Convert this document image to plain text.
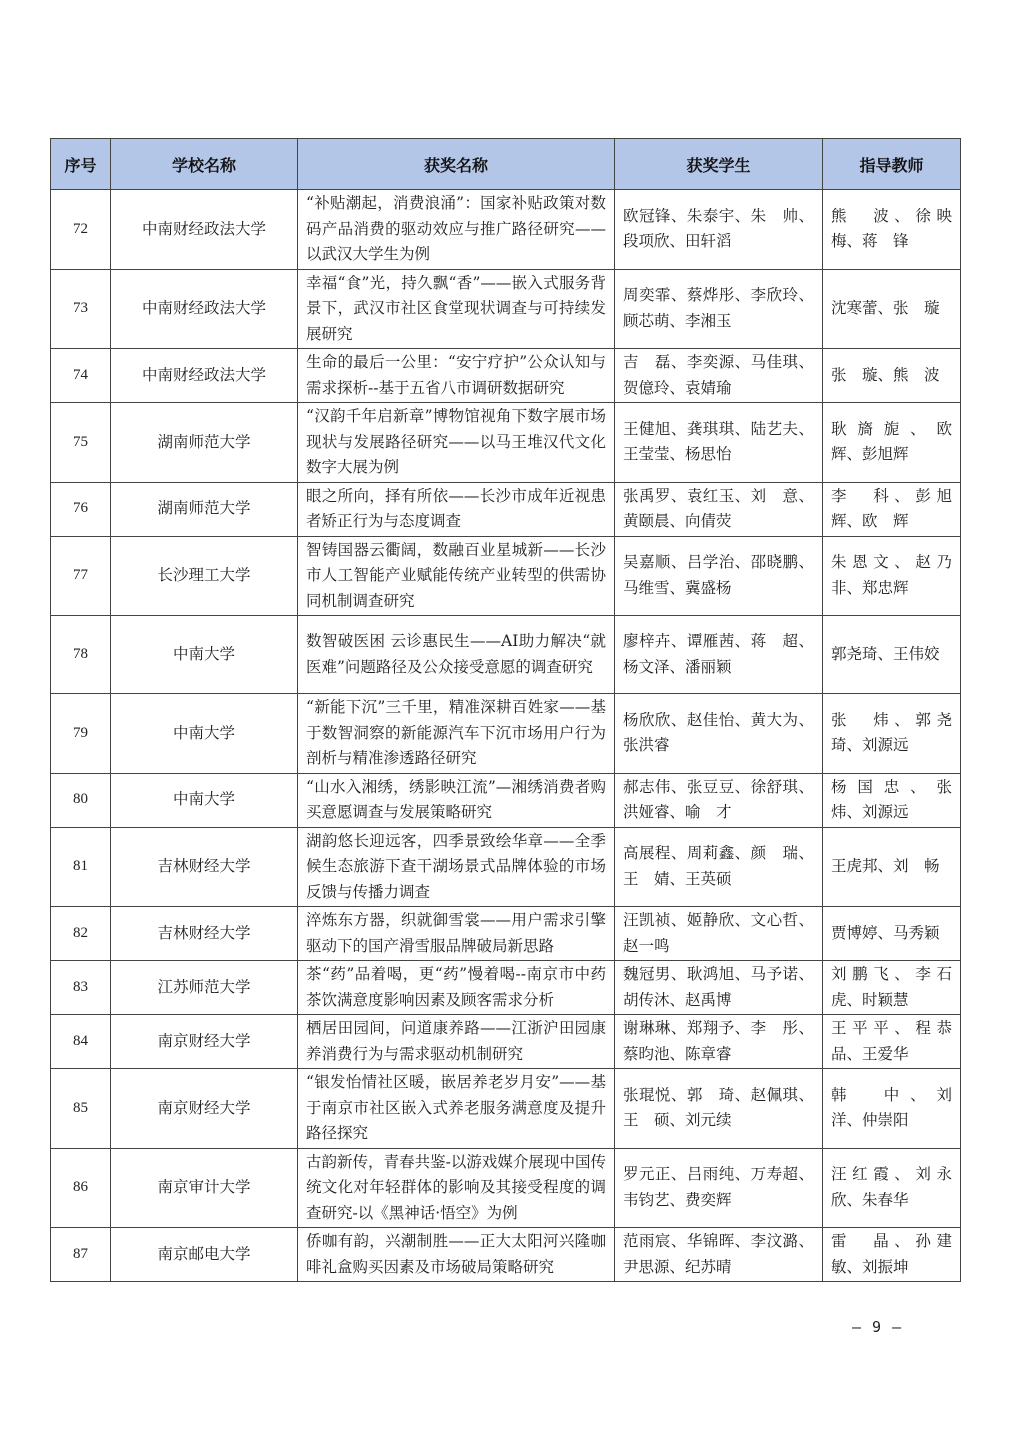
序号	学校名称	获奖名称	获奖学生	指导教师
72	中南财经政法大学	“补贴潮起，消费浪涌”：国家补贴政策对数码产品消费的驱动效应与推广路径研究——以武汉大学生为例	欧冠锋、朱泰宇、朱　帅、段项欣、田轩滔	熊　波、徐映梅、蒋　锋
73	中南财经政法大学	幸福“食”光，持久飘“香”——嵌入式服务背景下，武汉市社区食堂现状调查与可持续发展研究	周奕霏、蔡烨彤、李欣玲、顾芯萌、李湘玉	沈寒蕾、张　璇
74	中南财经政法大学	生命的最后一公里：“安宁疗护”公众认知与需求探析--基于五省八市调研数据研究	吉　磊、李奕源、马佳琪、贺億玲、袁婧瑜	张　璇、熊　波
75	湖南师范大学	“汉韵千年启新章”博物馆视角下数字展市场现状与发展路径研究——以马王堆汉代文化数字大展为例	王健旭、龚琪琪、陆艺夫、王莹莹、杨思怡	耿旖旎、欧　辉、彭旭辉
76	湖南师范大学	眼之所向，择有所依——长沙市成年近视患者矫正行为与态度调查	张禹罗、袁红玉、刘　意、黄颐晨、向倩荧	李　科、彭旭辉、欧　辉
77	长沙理工大学	智铸国器云衢阔，数融百业星城新——长沙市人工智能产业赋能传统产业转型的供需协同机制调查研究	吴嘉顺、吕学治、邵晓鹏、马维雪、冀盛杨	朱恩文、赵乃非、郑忠辉
78	中南大学	数智破医困 云诊惠民生——AI助力解决“就医难”问题路径及公众接受意愿的调查研究	廖梓卉、谭雁茜、蒋　超、杨文泽、潘丽颖	郭尧琦、王伟姣
79	中南大学	“新能下沉”三千里，精准深耕百姓家——基于数智洞察的新能源汽车下沉市场用户行为剖析与精准渗透路径研究	杨欣欣、赵佳怡、黄大为、张洪睿	张　炜、郭尧琦、刘源远
80	中南大学	“山水入湘绣，绣影映江流”—湘绣消费者购买意愿调查与发展策略研究	郝志伟、张豆豆、徐舒琪、洪娅睿、喻　才	杨国忠、张　炜、刘源远
81	吉林财经大学	湖韵悠长迎远客，四季景致绘华章——全季候生态旅游下查干湖场景式品牌体验的市场反馈与传播力调查	高展程、周莉鑫、颜　瑞、王　婧、王英硕	王虎邦、刘　畅
82	吉林财经大学	淬炼东方器，织就御雪裳——用户需求引擎驱动下的国产滑雪服品牌破局新思路	汪凯祯、姬静欣、文心哲、赵一鸣	贾博婷、马秀颖
83	江苏师范大学	茶“药”品着喝，更“药”慢着喝--南京市中药茶饮满意度影响因素及顾客需求分析	魏冠男、耿鸿旭、马予诺、胡传沐、赵禹博	刘鹏飞、李石虎、时颖慧
84	南京财经大学	栖居田园间，问道康养路——江浙沪田园康养消费行为与需求驱动机制研究	谢琳琳、郑翔予、李　彤、蔡昀池、陈章睿	王平平、程恭品、王爱华
85	南京财经大学	“银发怡情社区暖，嵌居养老岁月安”——基于南京市社区嵌入式养老服务满意度及提升路径探究	张琨悦、郭　琦、赵佩琪、王　硕、刘元续	韩　中、刘　洋、仲崇阳
86	南京审计大学	古韵新传，青春共鉴-以游戏媒介展现中国传统文化对年轻群体的影响及其接受程度的调查研究-以《黑神话·悟空》为例	罗元正、吕雨纯、万寿超、韦钧艺、费奕辉	汪红霞、刘永欣、朱春华
87	南京邮电大学	侨咖有韵，兴潮制胜——正大太阳河兴隆咖啡礼盒购买因素及市场破局策略研究	范雨宸、华锦晖、李汶潞、尹思源、纪苏晴	雷　晶、孙建敏、刘振坤
— 9 —
